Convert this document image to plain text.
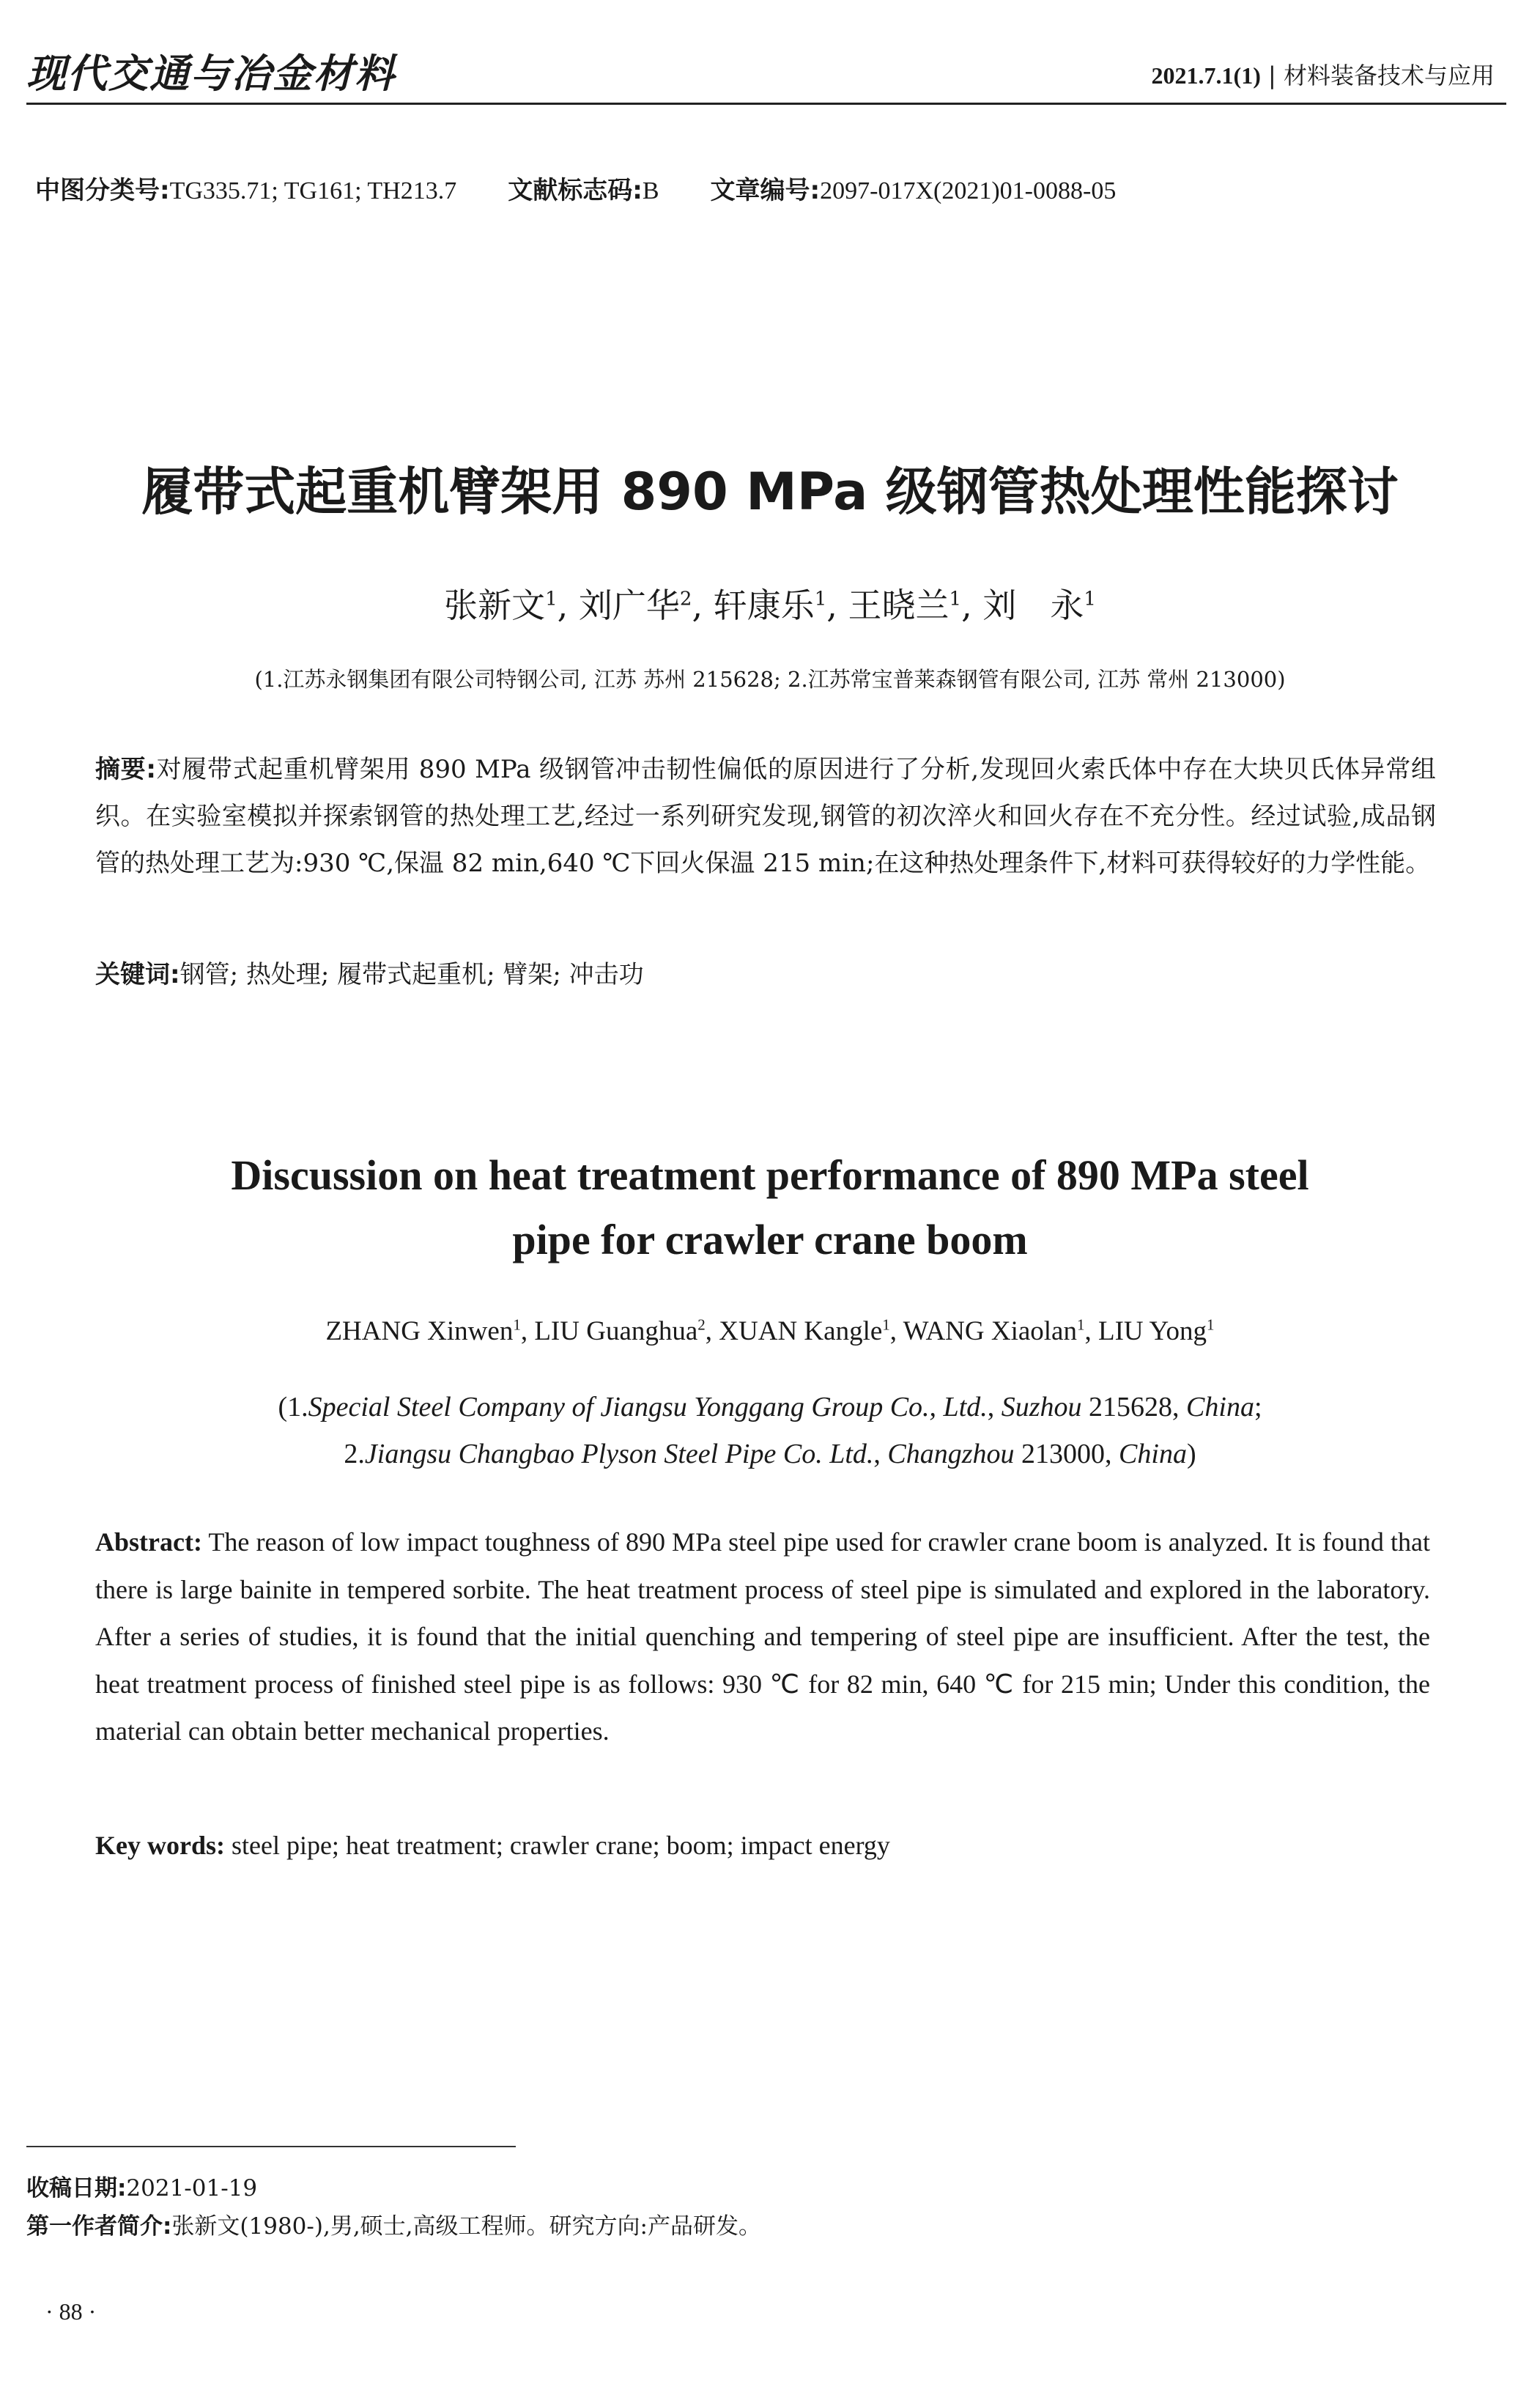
现代交通与冶金材料	2021.7.1(1) | 材料装备技术与应用
中图分类号:TG335.71; TG161; TH213.7 文献标志码:B 文章编号:2097-017X(2021)01-0088-05
履带式起重机臂架用 890 MPa 级钢管热处理性能探讨
张新文$^1$, 刘广华$^2$, 轩康乐$^1$, 王晓兰$^1$, 刘　永$^1$
(1.江苏永钢集团有限公司特钢公司, 江苏 苏州 215628; 2.江苏常宝普莱森钢管有限公司, 江苏 常州 213000)
摘要:对履带式起重机臂架用 890 MPa 级钢管冲击韧性偏低的原因进行了分析,发现回火索氏体中存在大块贝氏体异常组织。在实验室模拟并探索钢管的热处理工艺,经过一系列研究发现,钢管的初次淬火和回火存在不充分性。经过试验,成品钢管的热处理工艺为:930 ℃,保温 82 min,640 ℃下回火保温 215 min;在这种热处理条件下,材料可获得较好的力学性能。
关键词:钢管; 热处理; 履带式起重机; 臂架; 冲击功
Discussion on heat treatment performance of 890 MPa steel
pipe for crawler crane boom
ZHANG Xinwen$^1$, LIU Guanghua$^2$, XUAN Kangle$^1$, WANG Xiaolan$^1$, LIU Yong$^1$
(1.Special Steel Company of Jiangsu Yonggang Group Co., Ltd., Suzhou 215628, China;
2.Jiangsu Changbao Plyson Steel Pipe Co. Ltd., Changzhou 213000, China)
Abstract: The reason of low impact toughness of 890 MPa steel pipe used for crawler crane boom is analyzed. It is found that there is large bainite in tempered sorbite. The heat treatment process of steel pipe is simulated and explored in the laboratory. After a series of studies, it is found that the initial quenching and tempering of steel pipe are insufficient. After the test, the heat treatment process of finished steel pipe is as follows: 930 ℃ for 82 min, 640 ℃ for 215 min; Under this condition, the material can obtain better mechanical properties.
Key words: steel pipe; heat treatment; crawler crane; boom; impact energy
收稿日期:2021-01-19
第一作者简介:张新文(1980-),男,硕士,高级工程师。研究方向:产品研发。
· 88 ·
